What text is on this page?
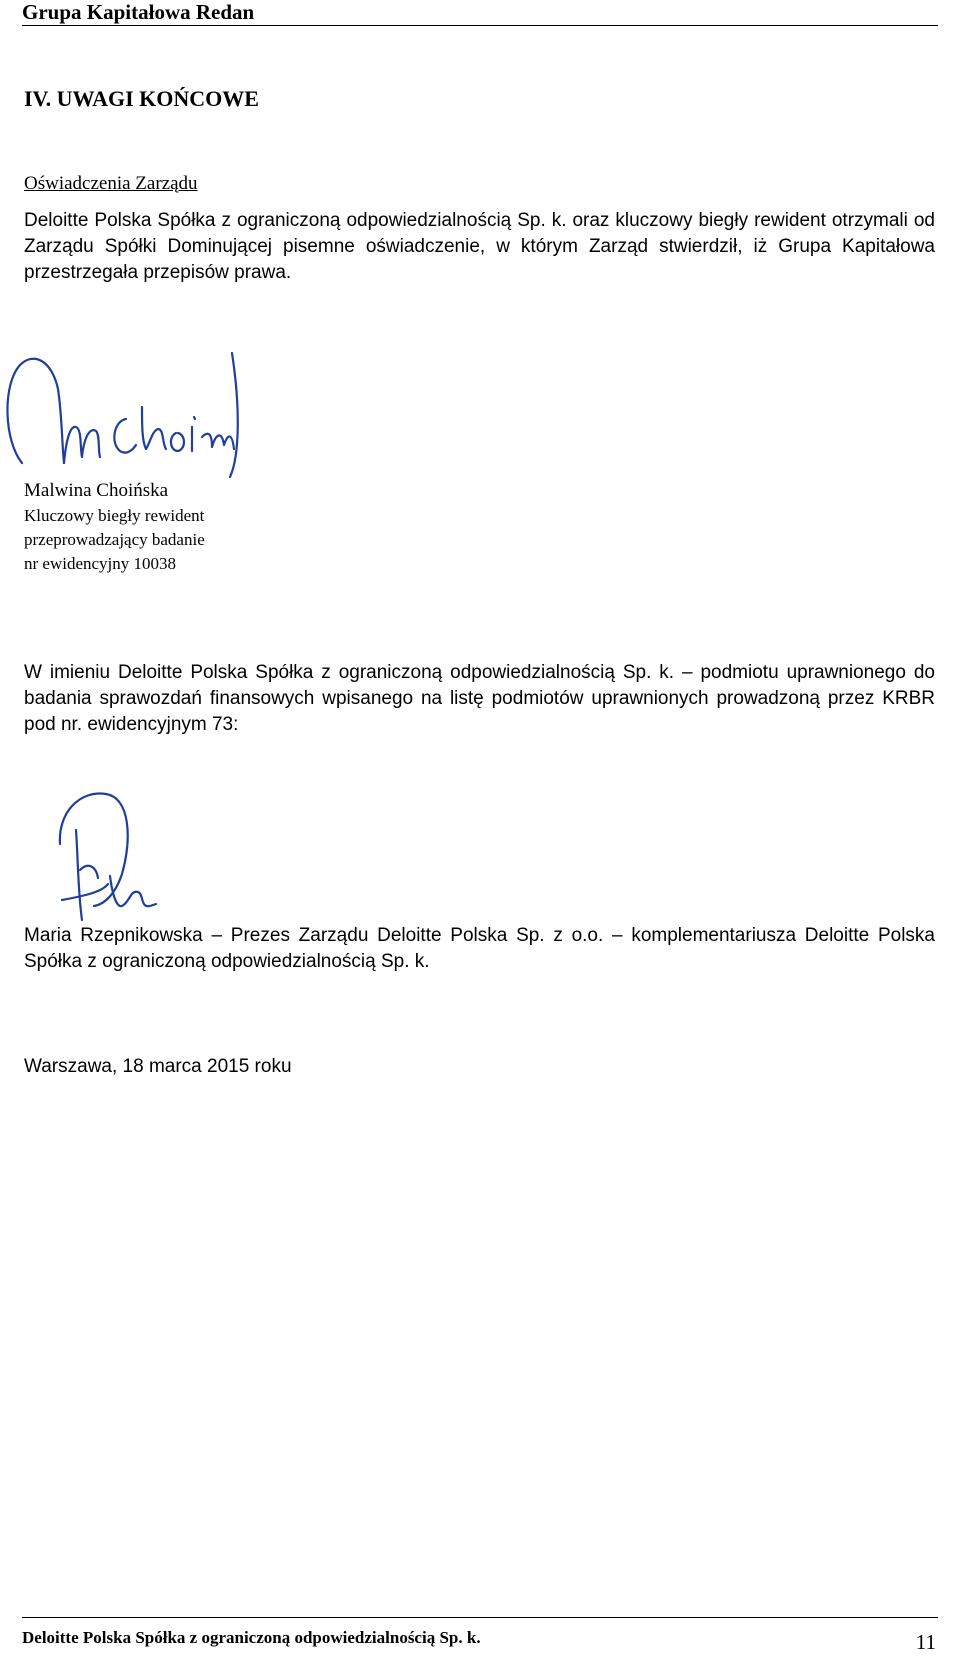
Grupa Kapitałowa Redan
IV. UWAGI KOŃCOWE
Oświadczenia Zarządu

Deloitte Polska Spółka z ograniczoną odpowiedzialnością Sp. k. oraz kluczowy biegły rewident otrzymali od Zarządu Spółki Dominującej pisemne oświadczenie, w którym Zarząd stwierdził, iż Grupa Kapitałowa przestrzegała przepisów prawa.

Malwina Choińska
Kluczowy biegły rewident
przeprowadzający badanie
nr ewidencyjny 10038

W imieniu Deloitte Polska Spółka z ograniczoną odpowiedzialnością Sp. k. – podmiotu uprawnionego do badania sprawozdań finansowych wpisanego na listę podmiotów uprawnionych prowadzoną przez KRBR pod nr. ewidencyjnym 73:

Maria Rzepnikowska – Prezes Zarządu Deloitte Polska Sp. z o.o. – komplementariusza Deloitte Polska Spółka z ograniczoną odpowiedzialnością Sp. k.

Warszawa, 18 marca 2015 roku
Deloitte Polska Spółka z ograniczoną odpowiedzialnością Sp. k.	11
